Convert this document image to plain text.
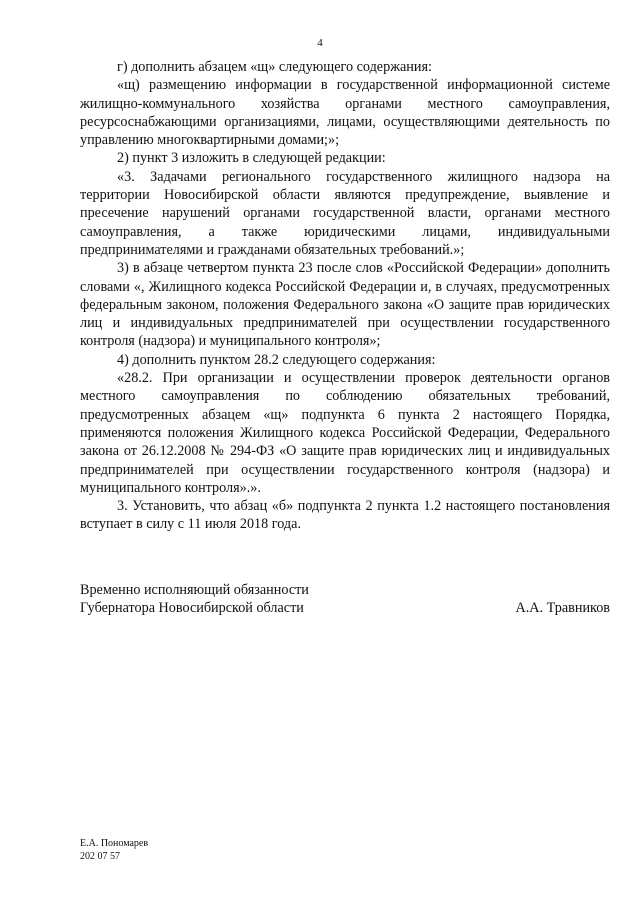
4

г) дополнить абзацем «щ» следующего содержания:

«щ) размещению информации в государственной информационной системе жилищно-коммунального хозяйства органами местного самоуправления, ресурсоснабжающими организациями, лицами, осуществляющими деятельность по управлению многоквартирными домами;»;

2) пункт 3 изложить в следующей редакции:

«3. Задачами регионального государственного жилищного надзора на территории Новосибирской области являются предупреждение, выявление и пресечение нарушений органами государственной власти, органами местного самоуправления, а также юридическими лицами, индивидуальными предпринимателями и гражданами обязательных требований.»;

3) в абзаце четвертом пункта 23 после слов «Российской Федерации» дополнить словами «, Жилищного кодекса Российской Федерации и, в случаях, предусмотренных федеральным законом, положения Федерального закона «О защите прав юридических лиц и индивидуальных предпринимателей при осуществлении государственного контроля (надзора) и муниципального контроля»;

4) дополнить пунктом 28.2 следующего содержания:

«28.2. При организации и осуществлении проверок деятельности органов местного самоуправления по соблюдению обязательных требований, предусмотренных абзацем «щ» подпункта 6 пункта 2 настоящего Порядка, применяются положения Жилищного кодекса Российской Федерации, Федерального закона от 26.12.2008 № 294-ФЗ «О защите прав юридических лиц и индивидуальных предпринимателей при осуществлении государственного контроля (надзора) и муниципального контроля».».

3. Установить, что абзац «б» подпункта 2 пункта 1.2 настоящего постановления вступает в силу с 11 июля 2018 года.

Временно исполняющий обязанности

Губернатора Новосибирской области	А.А. Травников

Е.А. Пономарев

202 07 57
